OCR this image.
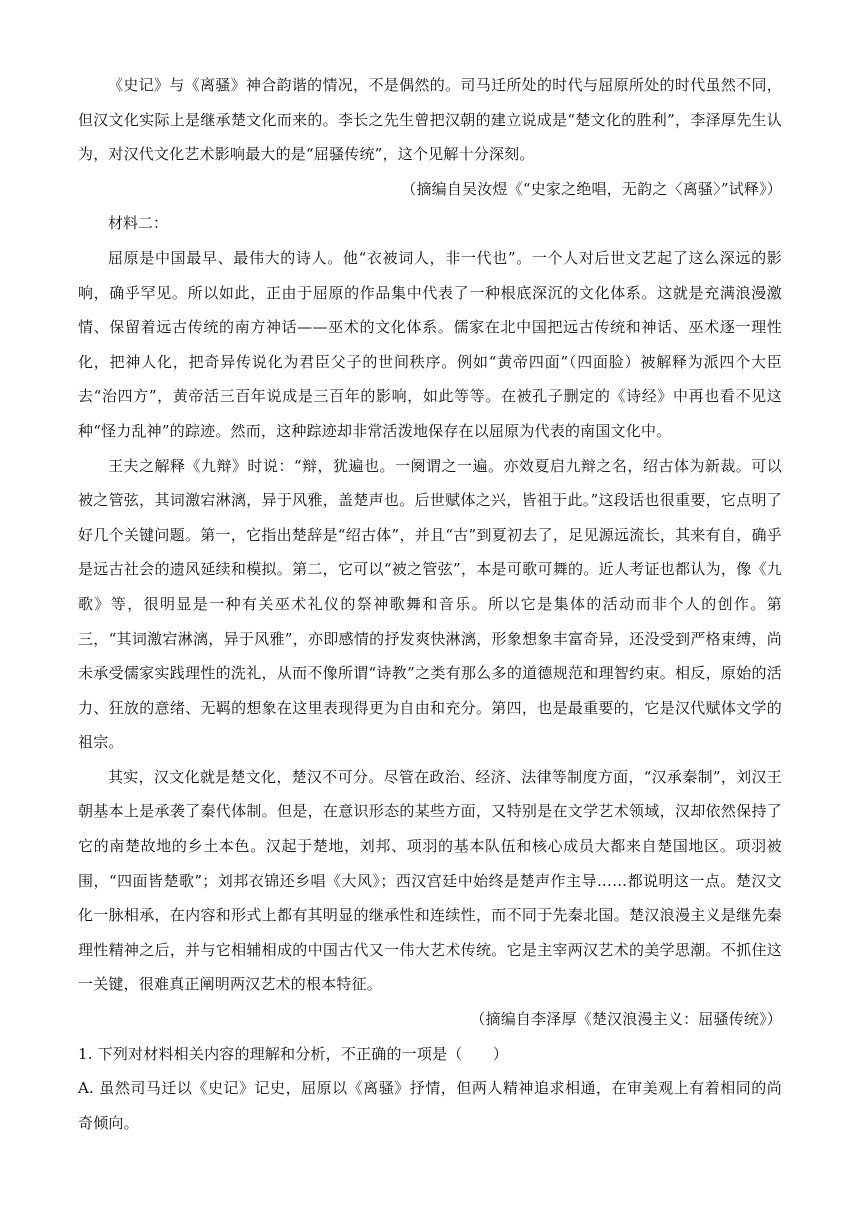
《史记》与《离骚》神合韵谐的情况，不是偶然的。司马迁所处的时代与屈原所处的时代虽然不同，但汉文化实际上是继承楚文化而来的。李长之先生曾把汉朝的建立说成是“楚文化的胜利”，李泽厚先生认为，对汉代文化艺术影响最大的是“屈骚传统”，这个见解十分深刻。

（摘编自吴汝煜《“史家之绝唱，无韵之〈离骚〉”试释》）

材料二：

屈原是中国最早、最伟大的诗人。他“衣被词人，非一代也”。一个人对后世文艺起了这么深远的影响，确乎罕见。所以如此，正由于屈原的作品集中代表了一种根底深沉的文化体系。这就是充满浪漫激情、保留着远古传统的南方神话——巫术的文化体系。儒家在北中国把远古传统和神话、巫术逐一理性化，把神人化，把奇异传说化为君臣父子的世间秩序。例如“黄帝四面”（四面脸）被解释为派四个大臣去“治四方”，黄帝活三百年说成是三百年的影响，如此等等。在被孔子删定的《诗经》中再也看不见这种“怪力乱神”的踪迹。然而，这种踪迹却非常活泼地保存在以屈原为代表的南国文化中。

王夫之解释《九辩》时说：“辩，犹遍也。一阕谓之一遍。亦效夏启九辩之名，绍古体为新裁。可以被之管弦，其词激宕淋漓，异于风雅，盖楚声也。后世赋体之兴，皆祖于此。”这段话也很重要，它点明了好几个关键问题。第一，它指出楚辞是“绍古体”，并且“古”到夏初去了，足见源远流长，其来有自，确乎是远古社会的遗风延续和模拟。第二，它可以“被之管弦”，本是可歌可舞的。近人考证也都认为，像《九歌》等，很明显是一种有关巫术礼仪的祭神歌舞和音乐。所以它是集体的活动而非个人的创作。第三，“其词激宕淋漓，异于风雅”，亦即感情的抒发爽快淋漓，形象想象丰富奇异，还没受到严格束缚，尚未承受儒家实践理性的洗礼，从而不像所谓“诗教”之类有那么多的道德规范和理智约束。相反，原始的活力、狂放的意绪、无羁的想象在这里表现得更为自由和充分。第四，也是最重要的，它是汉代赋体文学的祖宗。

其实，汉文化就是楚文化，楚汉不可分。尽管在政治、经济、法律等制度方面，“汉承秦制”，刘汉王朝基本上是承袭了秦代体制。但是，在意识形态的某些方面，又特别是在文学艺术领域，汉却依然保持了它的南楚故地的乡土本色。汉起于楚地，刘邦、项羽的基本队伍和核心成员大都来自楚国地区。项羽被围，“四面皆楚歌”；刘邦衣锦还乡唱《大风》；西汉宫廷中始终是楚声作主导……都说明这一点。楚汉文化一脉相承，在内容和形式上都有其明显的继承性和连续性，而不同于先秦北国。楚汉浪漫主义是继先秦理性精神之后，并与它相辅相成的中国古代又一伟大艺术传统。它是主宰两汉艺术的美学思潮。不抓住这一关键，很难真正阐明两汉艺术的根本特征。

（摘编自李泽厚《楚汉浪漫主义：屈骚传统》）

1. 下列对材料相关内容的理解和分析，不正确的一项是（　　）

A. 虽然司马迁以《史记》记史，屈原以《离骚》抒情，但两人精神追求相通，在审美观上有着相同的尚奇倾向。
